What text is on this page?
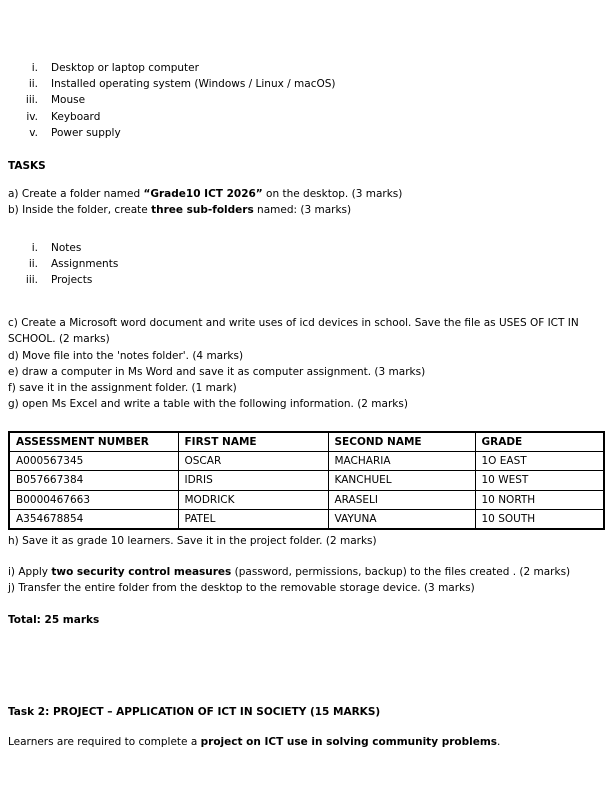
i. Desktop or laptop computer
ii. Installed operating system (Windows / Linux / macOS)
iii. Mouse
iv. Keyboard
v. Power supply
TASKS
a) Create a folder named “Grade10 ICT 2026” on the desktop. (3 marks)
b) Inside the folder, create three sub-folders named: (3 marks)
i. Notes
ii. Assignments
iii. Projects
c) Create a Microsoft word document and write uses of icd devices in school. Save the file as USES OF ICT IN SCHOOL. (2 marks)
d) Move file into the 'notes folder'. (4 marks)
e) draw a computer in Ms Word and save it as computer assignment. (3 marks)
f) save it in the assignment folder. (1 mark)
g) open Ms Excel and write a table with the following information. (2 marks)
ASSESSMENT NUMBER	FIRST NAME	SECOND NAME	GRADE
A000567345	OSCAR	MACHARIA	1O EAST
B057667384	IDRIS	KANCHUEL	10 WEST
B0000467663	MODRICK	ARASELI	10 NORTH
A354678854	PATEL	VAYUNA	10 SOUTH
h) Save it as grade 10 learners. Save it in the project folder. (2 marks)
i) Apply two security control measures (password, permissions, backup) to the files created . (2 marks)
j) Transfer the entire folder from the desktop to the removable storage device. (3 marks)
Total: 25 marks
Task 2: PROJECT – APPLICATION OF ICT IN SOCIETY (15 MARKS)
Learners are required to complete a project on ICT use in solving community problems.
